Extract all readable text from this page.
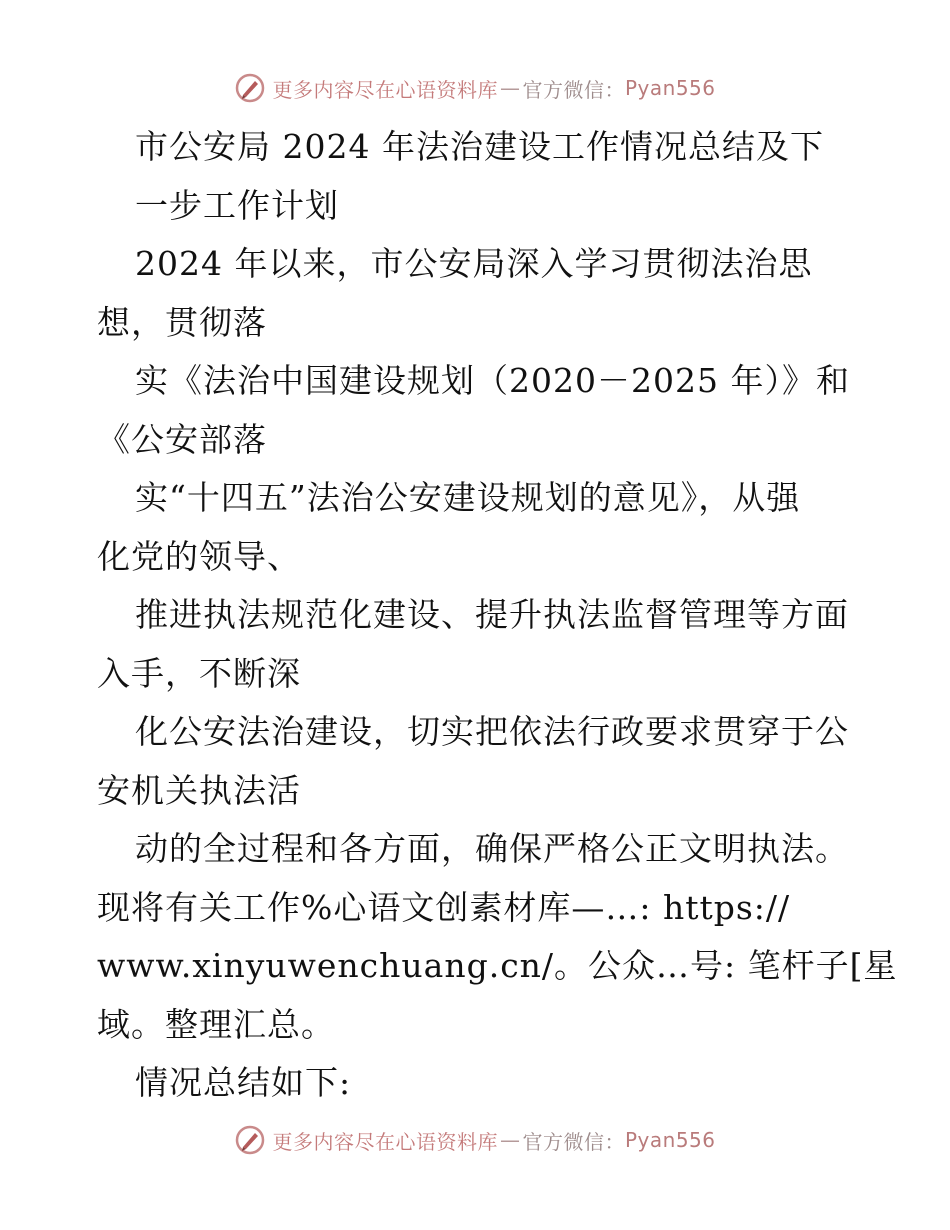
更多内容尽在心语资料库 — 官方微信： Pyan556
市公安局 2024 年法治建设工作情况总结及下
一步工作计划
2024 年以来，市公安局深入学习贯彻法治思
想，贯彻落
实《法治中国建设规划（2020－2025 年）》和
《公安部落
实“十四五”法治公安建设规划的意见》，从强
化党的领导、
推进执法规范化建设、提升执法监督管理等方面
入手，不断深
化公安法治建设，切实把依法行政要求贯穿于公
安机关执法活
动的全过程和各方面，确保严格公正文明执法。
现将有关工作%心语文创素材库—…: https://
www.xinyuwenchuang.cn/。公众…号: 笔杆子[星
域。整理汇总。
情况总结如下:
更多内容尽在心语资料库 — 官方微信： Pyan556
